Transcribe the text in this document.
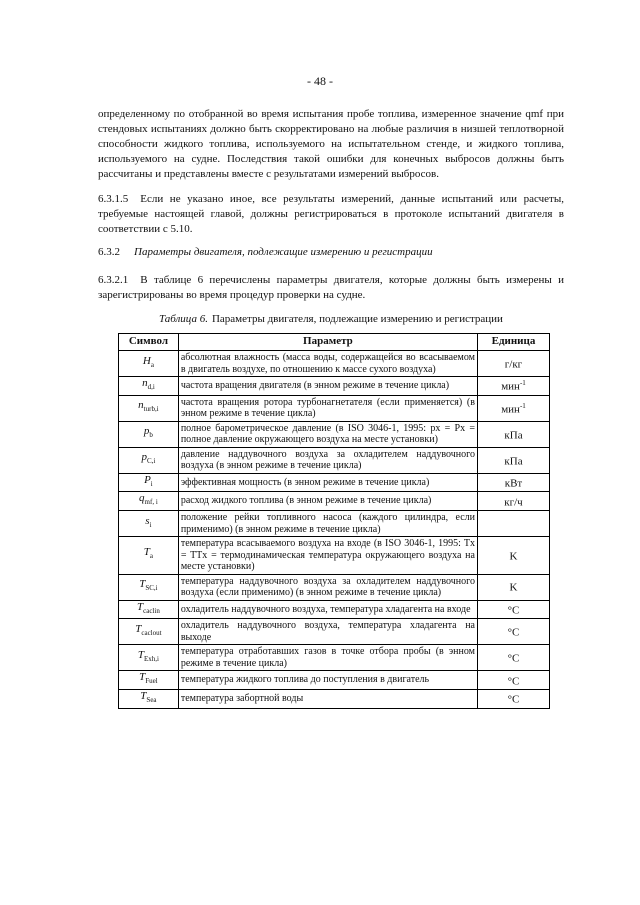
- 48 -
определенному по отобранной во время испытания пробе топлива, измеренное значение qmf при стендовых испытаниях должно быть скорректировано на любые различия в низшей теплотворной способности жидкого топлива, используемого на испытательном стенде, и жидкого топлива, используемого на судне. Последствия такой ошибки для конечных выбросов должны быть рассчитаны и представлены вместе с результатами измерений выбросов.
6.3.1.5 Если не указано иное, все результаты измерений, данные испытаний или расчеты, требуемые настоящей главой, должны регистрироваться в протоколе испытаний двигателя в соответствии с 5.10.
6.3.2 Параметры двигателя, подлежащие измерению и регистрации
6.3.2.1 В таблице 6 перечислены параметры двигателя, которые должны быть измерены и зарегистрированы во время процедур проверки на судне.
Таблица 6. Параметры двигателя, подлежащие измерению и регистрации
Символ	Параметр	Единица
$H_a$	абсолютная влажность (масса воды, содержащейся во всасываемом в двигатель воздухе, по отношению к массе сухого воздуха)	г/кг
$n_{d,i}$	частота вращения двигателя (в энном режиме в течение цикла)	мин$^{-1}$
$n_{turb,i}$	частота вращения ротора турбонагнетателя (если применяется) (в энном режиме в течение цикла)	мин$^{-1}$
$p_b$	полное барометрическое давление (в ISO 3046-1, 1995: px = Px = полное давление окружающего воздуха на месте установки)	кПа
$p_{C,i}$	давление наддувочного воздуха за охладителем наддувочного воздуха (в энном режиме в течение цикла)	кПа
$P_i$	эффективная мощность (в энном режиме в течение цикла)	кВт
$q_{mf, i}$	расход жидкого топлива (в энном режиме в течение цикла)	кг/ч
$s_i$	положение рейки топливного насоса (каждого цилиндра, если применимо) (в энном режиме в течение цикла)	
$T_a$	температура всасываемого воздуха на входе (в ISO 3046-1, 1995: Tx = TTx = термодинамическая температура окружающего воздуха на месте установки)	K
$T_{SC,i}$	температура наддувочного воздуха за охладителем наддувочного воздуха (если применимо) (в энном режиме в течение цикла)	K
$T_{caclin}$	охладитель наддувочного воздуха, температура хладагента на входе	°C
$T_{caclout}$	охладитель наддувочного воздуха, температура хладагента на выходе	°C
$T_{Exh,i}$	температура отработавших газов в точке отбора пробы (в энном режиме в течение цикла)	°C
$T_{Fuel}$	температура жидкого топлива до поступления в двигатель	°C
$T_{Sea}$	температура забортной воды	°C
